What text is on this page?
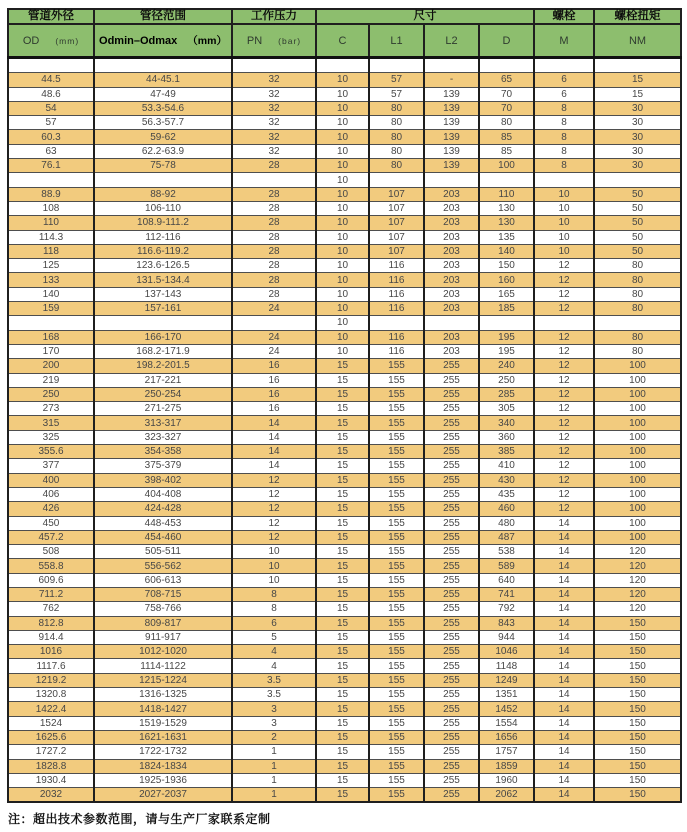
管道外径	管径范围	工作压力	尺寸				螺栓	螺栓扭矩
OD (mm)	Odmin–Odmax （mm）	PN (bar)	C	L1	L2	D	M	NM

44.5	44-45.1	32	10	57	-	65	6	15
48.6	47-49	32	10	57	139	70	6	15
54	53.3-54.6	32	10	80	139	70	8	30
57	56.3-57.7	32	10	80	139	80	8	30
60.3	59-62	32	10	80	139	85	8	30
63	62.2-63.9	32	10	80	139	85	8	30
76.1	75-78	28	10	80	139	100	8	30
			10					
88.9	88-92	28	10	107	203	110	10	50
108	106-110	28	10	107	203	130	10	50
110	108.9-111.2	28	10	107	203	130	10	50
114.3	112-116	28	10	107	203	135	10	50
118	116.6-119.2	28	10	107	203	140	10	50
125	123.6-126.5	28	10	116	203	150	12	80
133	131.5-134.4	28	10	116	203	160	12	80
140	137-143	28	10	116	203	165	12	80
159	157-161	24	10	116	203	185	12	80
			10					
168	166-170	24	10	116	203	195	12	80
170	168.2-171.9	24	10	116	203	195	12	80
200	198.2-201.5	16	15	155	255	240	12	100
219	217-221	16	15	155	255	250	12	100
250	250-254	16	15	155	255	285	12	100
273	271-275	16	15	155	255	305	12	100
315	313-317	14	15	155	255	340	12	100
325	323-327	14	15	155	255	360	12	100
355.6	354-358	14	15	155	255	385	12	100
377	375-379	14	15	155	255	410	12	100
400	398-402	12	15	155	255	430	12	100
406	404-408	12	15	155	255	435	12	100
426	424-428	12	15	155	255	460	12	100
450	448-453	12	15	155	255	480	14	100
457.2	454-460	12	15	155	255	487	14	100
508	505-511	10	15	155	255	538	14	120
558.8	556-562	10	15	155	255	589	14	120
609.6	606-613	10	15	155	255	640	14	120
711.2	708-715	8	15	155	255	741	14	120
762	758-766	8	15	155	255	792	14	120
812.8	809-817	6	15	155	255	843	14	150
914.4	911-917	5	15	155	255	944	14	150
1016	1012-1020	4	15	155	255	1046	14	150
1117.6	1114-1122	4	15	155	255	1148	14	150
1219.2	1215-1224	3.5	15	155	255	1249	14	150
1320.8	1316-1325	3.5	15	155	255	1351	14	150
1422.4	1418-1427	3	15	155	255	1452	14	150
1524	1519-1529	3	15	155	255	1554	14	150
1625.6	1621-1631	2	15	155	255	1656	14	150
1727.2	1722-1732	1	15	155	255	1757	14	150
1828.8	1824-1834	1	15	155	255	1859	14	150
1930.4	1925-1936	1	15	155	255	1960	14	150
2032	2027-2037	1	15	155	255	2062	14	150
注：超出技术参数范围，请与生产厂家联系定制
